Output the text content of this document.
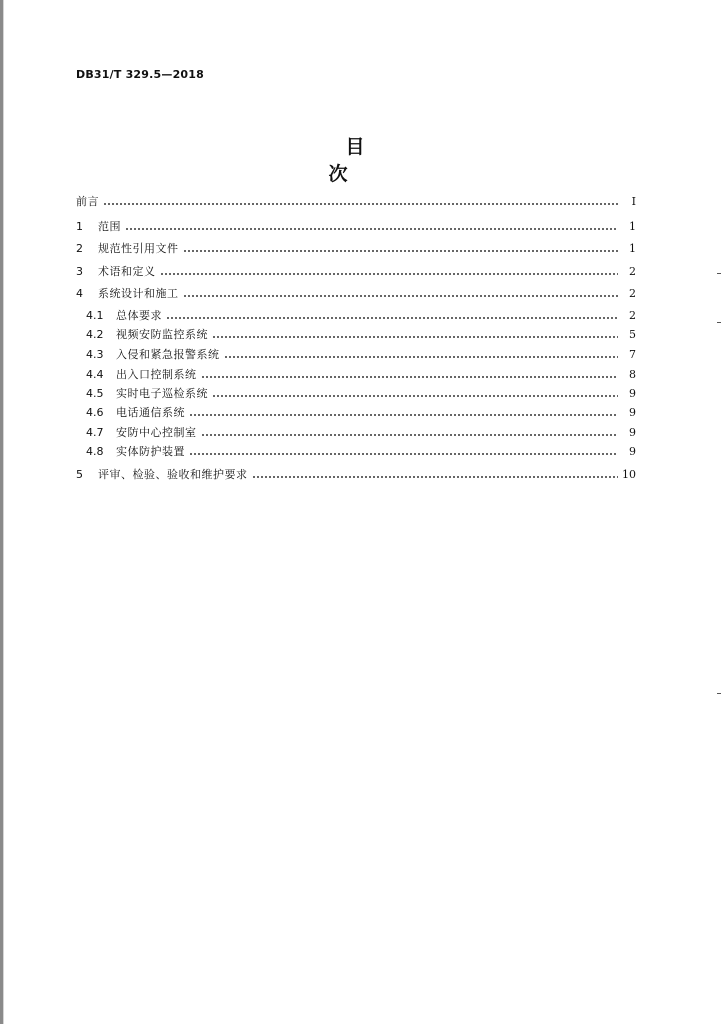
DB31/T 329.5—2018
目次
前言	I
1	范围	1
2	规范性引用文件	1
3	术语和定义	2
4	系统设计和施工	2
4.1	总体要求	2
4.2	视频安防监控系统	5
4.3	入侵和紧急报警系统	7
4.4	出入口控制系统	8
4.5	实时电子巡检系统	9
4.6	电话通信系统	9
4.7	安防中心控制室	9
4.8	实体防护装置	9
5	评审、检验、验收和维护要求	10
